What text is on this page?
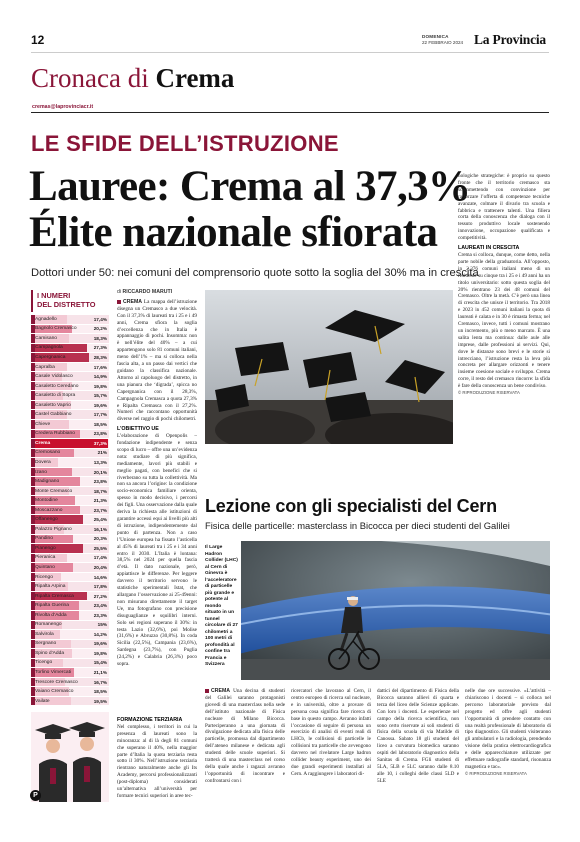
12	DOMENICA
22 FEBBRAIO 2024 La Provincia
Cronaca di Crema
cremas@laprovinciacr.it
LE SFIDE DELL’ISTRUZIONE
Lauree: Crema al 37,3%
Élite nazionale sfiorata
Dottori under 50: nei comuni del comprensorio quote sotto la soglia del 30% ma in crescita
I NUMERI
DEL DISTRETTO
Agnadello	17,4%
Bagnolo Cremasco	20,2%
Camisano	18,3%
Campagnola	27,3%
Capergnanica	28,3%
Capralba	17,6%
Casale Vidolasco	14,9%
Casaletto Ceredano	19,8%
Casaletto di Sopra	15,7%
Casaletto Vaprio	19,6%
Castel Gabbiano	17,7%
Chieve	18,5%
Credera Rubbiano	23,8%
Crema	37,3%
Cremosano	21%
Dovera	13,3%
Izano	20,1%
Madignano	23,8%
Monte Cremasco	18,7%
Montodine	21,3%
Moscazzano	23,7%
Offanengo	25,4%
Palazzo Pignano	16,1%
Pandino	20,3%
Pianengo	25,5%
Pieranica	17,4%
Quintano	20,4%
Ricengo	14,6%
Ripalta Arpina	17,8%
Ripalta Cremasca	27,2%
Ripalta Guerina	23,4%
Rivolta d’Adda	23,3%
Romanengo	15%
Salvirola	14,2%
Sergnano	19,6%
Spino d’Adda	19,8%
Ticengo	15,4%
Torlino Vimercati	21,1%
Trescore Cremasco	16,7%
Vaiano Cremasco	18,5%
Vailate	19,5%
P

di RICCARDO MARUTI

CREMA La mappa dell’istruzione disegna un Cremasco a due velocità. Con il 37,3% di laureati tra i 25 e i 49 anni, Crema sfiora la soglia d’eccellenza che in Italia è appannaggio di pochi. Insomma: non è nell’élite del 40% – a cui appartengono solo 81 comuni italiani, meno dell’1% – ma si colloca nella fascia alta, a un passo dai vertici che guidano la classifica nazionale. Attorno al capoluogo del distretto, in una pianura che ‘digrada’, spicca no Capergnanica con il 28,3%, Campagnola Cremasca a quota 27,3% e Ripalta Cremasca con il 27,2%. Numeri che raccontano opportunità diverse nel raggio di pochi chilometri.

L’OBIETTIVO UE

L’elaborazione di Openpolis – fondazione indipendente e senza scopo di lucro – offre una un’evidenza nota: studiare di più significa, mediamente, lavori più stabili e meglio pagati, con benefici che si riverberano su tutta la collettività. Ma non sa ancora l’origine: la condizione socio-economica familiare orienta, spesso in modo decisivo, i percorsi dei figli. Una osservazione dalla quale deriva la richiesta alle istituzioni di garantire accessi equi ai livelli più alti di istruzione, indipendentemente dal punto di partenza. Non a caso l’Unione europea ha fissato l’asticella al 45% di laureati tra i 25 e i 34 anni entro il 2030. L’Italia è lontana: 38,5% nel 2024 per quella fascia d’età. Il dato nazionale, però, appiattisce le differenze. Per leggere davvero il territorio servono le statistiche sperimentali Istat, che allargano l’osservazione ai 25-49enni: non misurano direttamente il target Ue, ma fotografano con precisione disuguaglianze e squilibri interni. Solo sei regioni superano il 30%: in testa Lazio (32,6%), poi Molise (31,6%) e Abruzzo (30,8%). In coda Sicilia (22,5%), Campania (23,6%), Sardegna (23,7%), con Puglia (24,2%) e Calabria (26,3%) poco sopra.

FORMAZIONE TERZIARIA

Nel complesso, i territori in cui la presenza di laureati sono la minoranza: al di là degli 81 comuni che superano il 40%, nella maggior parte d’Italia la quota terziaria resta sotto il 30%. Nell’istruzione terziaria rientrano naturalmente anche gli Its Academy, percorsi professionalizzanti (post-diploma) considerati un’alternativa all’università per formare tecnici superiori in aree tec-

nologiche strategiche: è proprio su questo fronte che il territorio cremasco sta scommettendo con convinzione per rafforzare l’offerta di competenze tecniche avanzate, colmare il divario tra scuola e fabbrica e trattenere talenti. Una filiera corta della conoscenza che dialoga con il tessuto produttivo locale sostenendo innovazione, occupazione qualificata e competitività.

LAUREATI IN CRESCITA

Crema si colloca, dunque, come detto, nella parte nobile della graduatoria. All’opposto, in 2.376 comuni italiani meno di un residente su cinque tra i 25 e i 49 anni ha un titolo universitario: sotto questa soglia del 20% rientrano 23 dei 48 comuni del Cremasco. Oltre la metà. C’è però una linea di crescita che unisce il territorio. Tra 2018 e 2023 in 452 comuni italiani la quota di laureati è calata e in 30 è rimasta ferma; nel Cremasco, invece, tutti i comuni mostrano un incremento, più o meno marcato. È una salita lenta ma continua: dalle aule alle imprese, dalle professioni ai servizi. Qui, dove le distanze sono brevi e le storie si intrecciano, l’istruzione resta la leva più concreta per allargare orizzonti e tenere insieme coesione sociale e sviluppo. Crema corre, il resto del cremasco rincorre: la sfida è fare della conoscenza un bene condiviso.

© RIPRODUZIONE RISERVATA

Lezione con gli specialisti del Cern
Fisica delle particelle: masterclass in Bicocca per dieci studenti del Galilei
Il Large Hadron Collider (LHC) al Cern di Ginevra è l’acceleratore di particelle più grande e potente al mondo situato in un tunnel circolare di 27 chilometri a 100 metri di profondità al confine tra Francia e Svizzera

CREMA Una decina di studenti del Galilei saranno protagonisti giovedì di una masterclass nella sede dell’istituto nazionale di Fisica nucleare di Milano Bicocca. Parteciperanno a una giornata di divulgazione dedicata alla fisica delle particelle, promossa dal dipartimento dell’ateneo milanese e dedicata agli studenti delle scuole superiori. Si tratterà di una masterclass nel corso della quale anche i ragazzi avranno l’opportunità di incontrare e confrontarsi con i

ricercatori che lavorano al Cern, il centro europeo di ricerca sul nucleare, e in università, oltre a provare di persona cosa significa fare ricerca di base in questo campo. Avranno infatti l’occasione di seguire di persona un esercizio di analisi di eventi reali di LHCb, le collisioni di particelle le collisioni tra particelle che avvengono davvero nel rivelatore Large hadron collider beauty experiment, uno dei due grandi esperimenti installati al Cern. A raggiungere i laboratori di-

dattici del dipartimento di Fisica della Bicocca saranno allievi di quarta e terza del liceo delle Scienze applicate. Con loro i docenti. Le esperienze nel campo della ricerca scientifica, non sono certo riservate ai soli studenti di fisica della scuola di via Matilde di Canossa. Sabato 18 gli studenti del liceo a curvatura biomedica saranno ospiti del laboratorio diagnostico della Sanitas di Crema. FGli studenti di 5LA, 5LB e 5LC saranno dalle 8.10 alle 10, i colleghi delle classi 5LD e 5LE

nelle due ore successive. «L’attività – chiariscono i docenti – si colloca nel percorso laboratoriale previsto dal progetto ed offre agli studenti l’opportunità di prendere contatto con una realtà professionale di laboratorio di tipo diagnostico. Gli studenti visiteranno gli ambulatori e la radiologia, prendendo visione della pratica elettrocardiografica e delle apparecchiature utilizzate per effettuare radiografie standard, risonanza magnetica e tac».

© RIPRODUZIONE RISERVATA
